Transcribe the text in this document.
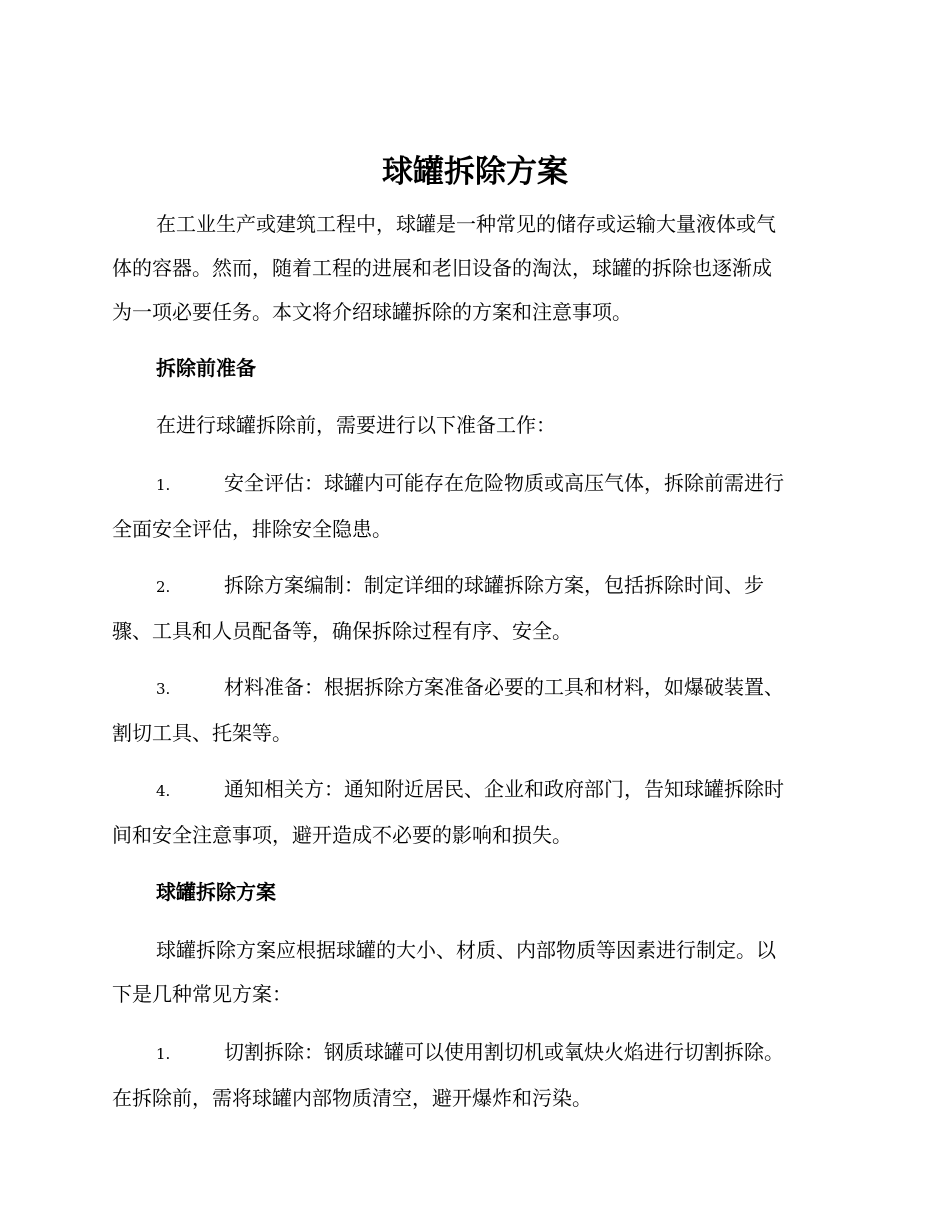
球罐拆除方案
在工业生产或建筑工程中，球罐是一种常见的储存或运输大量液体或气
体的容器。然而，随着工程的进展和老旧设备的淘汰，球罐的拆除也逐渐成
为一项必要任务。本文将介绍球罐拆除的方案和注意事项。
拆除前准备
在进行球罐拆除前，需要进行以下准备工作：
1.	安全评估：球罐内可能存在危险物质或高压气体，拆除前需进行
全面安全评估，排除安全隐患。
2.	拆除方案编制：制定详细的球罐拆除方案，包括拆除时间、步
骤、工具和人员配备等，确保拆除过程有序、安全。
3.	材料准备：根据拆除方案准备必要的工具和材料，如爆破装置、
割切工具、托架等。
4.	通知相关方：通知附近居民、企业和政府部门，告知球罐拆除时
间和安全注意事项，避开造成不必要的影响和损失。
球罐拆除方案
球罐拆除方案应根据球罐的大小、材质、内部物质等因素进行制定。以
下是几种常见方案：
1.	切割拆除：钢质球罐可以使用割切机或氧炔火焰进行切割拆除。
在拆除前，需将球罐内部物质清空，避开爆炸和污染。
